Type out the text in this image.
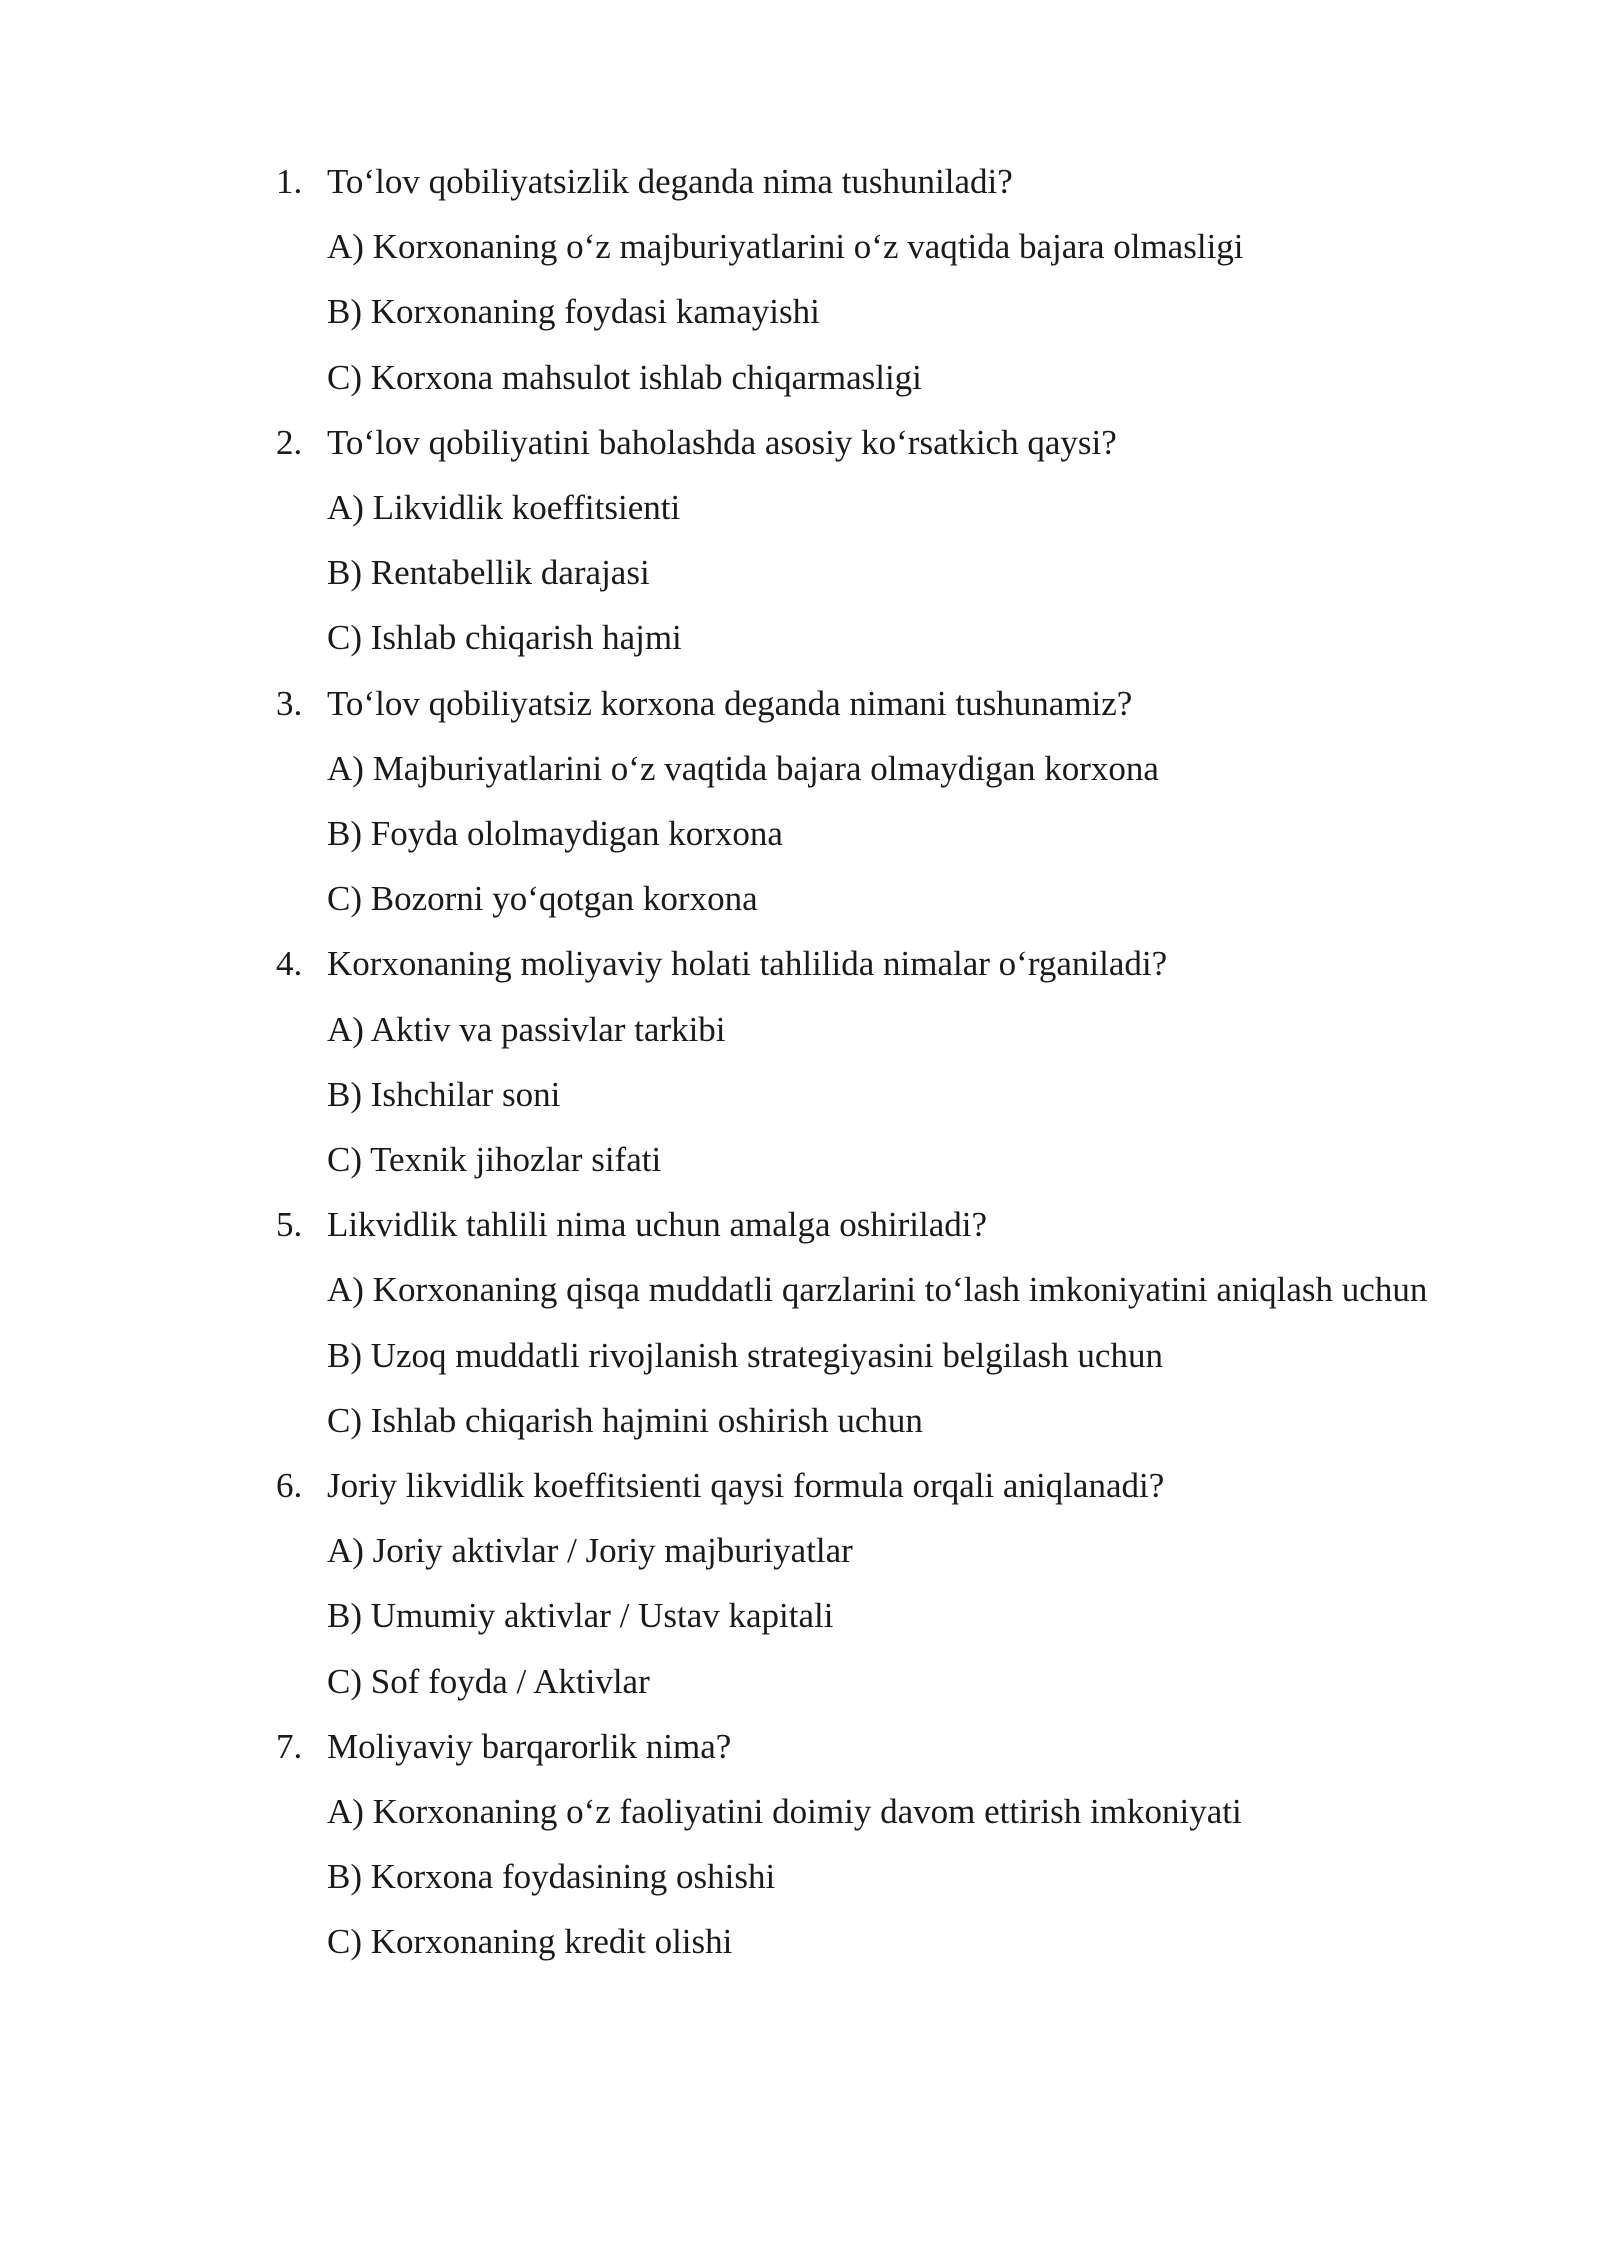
1. To‘lov qobiliyatsizlik deganda nima tushuniladi?
A) Korxonaning o‘z majburiyatlarini o‘z vaqtida bajara olmasligi
B) Korxonaning foydasi kamayishi
C) Korxona mahsulot ishlab chiqarmasligi
2. To‘lov qobiliyatini baholashda asosiy ko‘rsatkich qaysi?
A) Likvidlik koeffitsienti
B) Rentabellik darajasi
C) Ishlab chiqarish hajmi
3. To‘lov qobiliyatsiz korxona deganda nimani tushunamiz?
A) Majburiyatlarini o‘z vaqtida bajara olmaydigan korxona
B) Foyda ololmaydigan korxona
C) Bozorni yo‘qotgan korxona
4. Korxonaning moliyaviy holati tahlilida nimalar o‘rganiladi?
A) Aktiv va passivlar tarkibi
B) Ishchilar soni
C) Texnik jihozlar sifati
5. Likvidlik tahlili nima uchun amalga oshiriladi?
A) Korxonaning qisqa muddatli qarzlarini to‘lash imkoniyatini aniqlash uchun
B) Uzoq muddatli rivojlanish strategiyasini belgilash uchun
C) Ishlab chiqarish hajmini oshirish uchun
6. Joriy likvidlik koeffitsienti qaysi formula orqali aniqlanadi?
A) Joriy aktivlar / Joriy majburiyatlar
B) Umumiy aktivlar / Ustav kapitali
C) Sof foyda / Aktivlar
7. Moliyaviy barqarorlik nima?
A) Korxonaning o‘z faoliyatini doimiy davom ettirish imkoniyati
B) Korxona foydasining oshishi
C) Korxonaning kredit olishi
